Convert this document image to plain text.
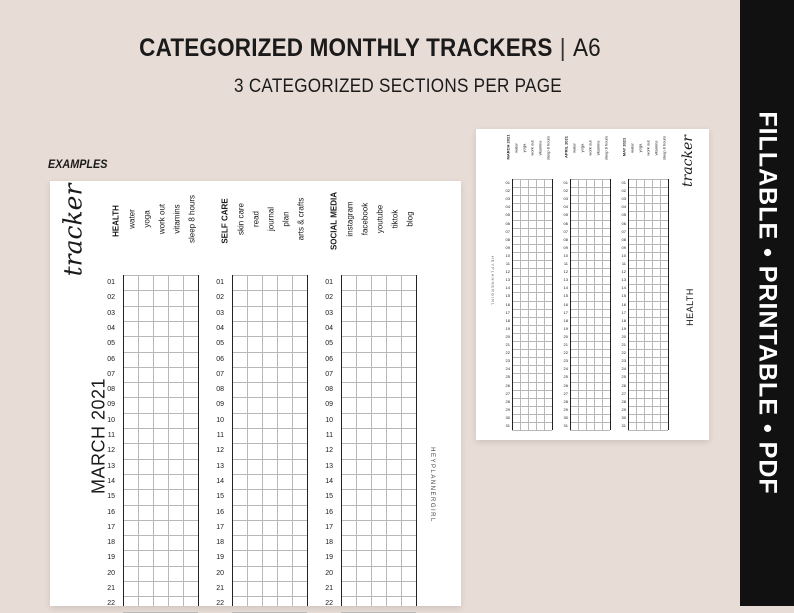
CATEGORIZED MONTHLY TRACKERS | A6
3 CATEGORIZED SECTIONS PER PAGE
EXAMPLES	FILLABLE • PRINTABLE • PDF
tracker
MARCH 2021	HEYPLANNERGIRL
HEALTH water yoga work out vitamins sleep 8 hours
01
02
03
04
05
06
07
08
09
10
11
12
13
14
15
16
17
18
19
20
21
22
SELF CARE skin care read journal plan arts & crafts
01
02
03
04
05
06
07
08
09
10
11
12
13
14
15
16
17
18
19
20
21
22
SOCIAL MEDIA instagram facebook youtube tiktok blog
01
02
03
04
05
06
07
08
09
10
11
12
13
14
15
16
17
18
19
20
21
22
HEYPLANNERGIRL
tracker
HEALTH
MARCH 2021 water yoga work out vitamins sleep 8 hours
01
02
03
04
05
06
07
08
09
10
11
12
13
14
15
16
17
18
19
20
21
22
23
24
25
26
27
28
29
30
31
APRIL 2021 water yoga work out vitamins sleep 8 hours
01
02
03
04
05
06
07
08
09
10
11
12
13
14
15
16
17
18
19
20
21
22
23
24
25
26
27
28
29
30
31
MAY 2021 water yoga work out vitamins sleep 8 hours
01
02
03
04
05
06
07
08
09
10
11
12
13
14
15
16
17
18
19
20
21
22
23
24
25
26
27
28
29
30
31
